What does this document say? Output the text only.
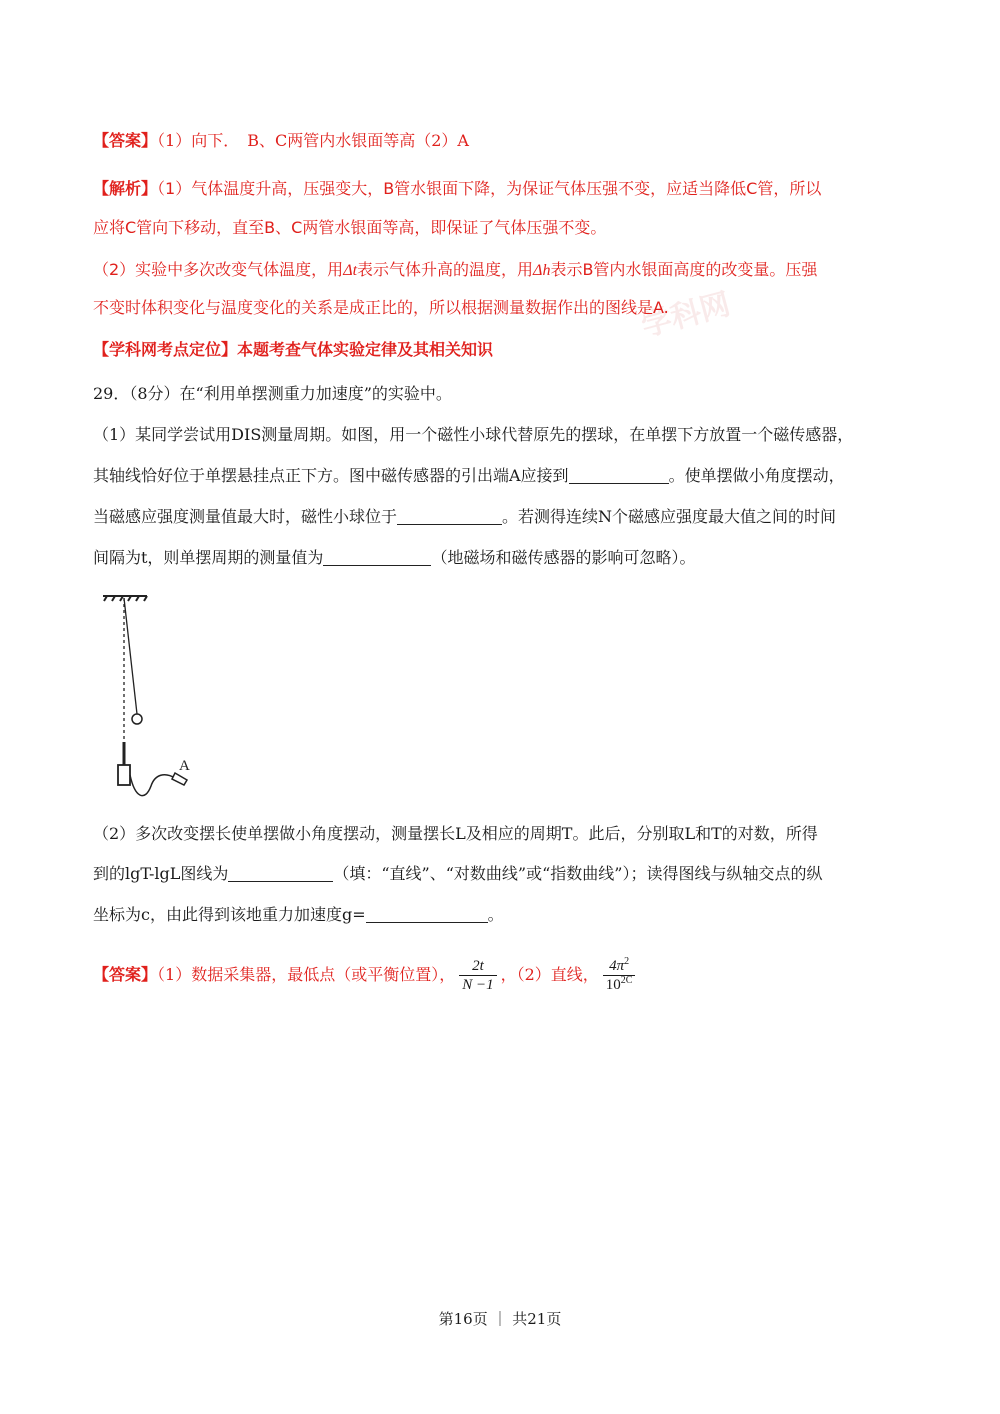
学科网
【答案】（1）向下．　B、C两管内水银面等高（2）A
【解析】（1）气体温度升高，压强变大，B管水银面下降，为保证气体压强不变，应适当降低C管，所以
应将C管向下移动，直至B、C两管水银面等高，即保证了气体压强不变。
（2）实验中多次改变气体温度，用Δt表示气体升高的温度，用Δh表示B管内水银面高度的改变量。压强
不变时体积变化与温度变化的关系是成正比的，所以根据测量数据作出的图线是A.
【学科网考点定位】本题考查气体实验定律及其相关知识
29．（8分）在“利用单摆测重力加速度”的实验中。
（1）某同学尝试用DIS测量周期。如图，用一个磁性小球代替原先的摆球，在单摆下方放置一个磁传感器，
其轴线恰好位于单摆悬挂点正下方。图中磁传感器的引出端A应接到	。使单摆做小角度摆动，
当磁感应强度测量值最大时，磁性小球位于	。若测得连续N个磁感应强度最大值之间的时间
间隔为t，则单摆周期的测量值为	（地磁场和磁传感器的影响可忽略）。
A
（2）多次改变摆长使单摆做小角度摆动，测量摆长L及相应的周期T。此后，分别取L和T的对数，所得
到的lgT-lgL图线为	（填：“直线”、“对数曲线”或“指数曲线”）；读得图线与纵轴交点的纵
坐标为c，由此得到该地重力加速度g=	。
【答案】（1）数据采集器，最低点（或平衡位置）， $\frac{2t}{N -1}$ ，（2）直线， $\frac{4\pi^2}{10^{2C}}$
第16页 ｜ 共21页
